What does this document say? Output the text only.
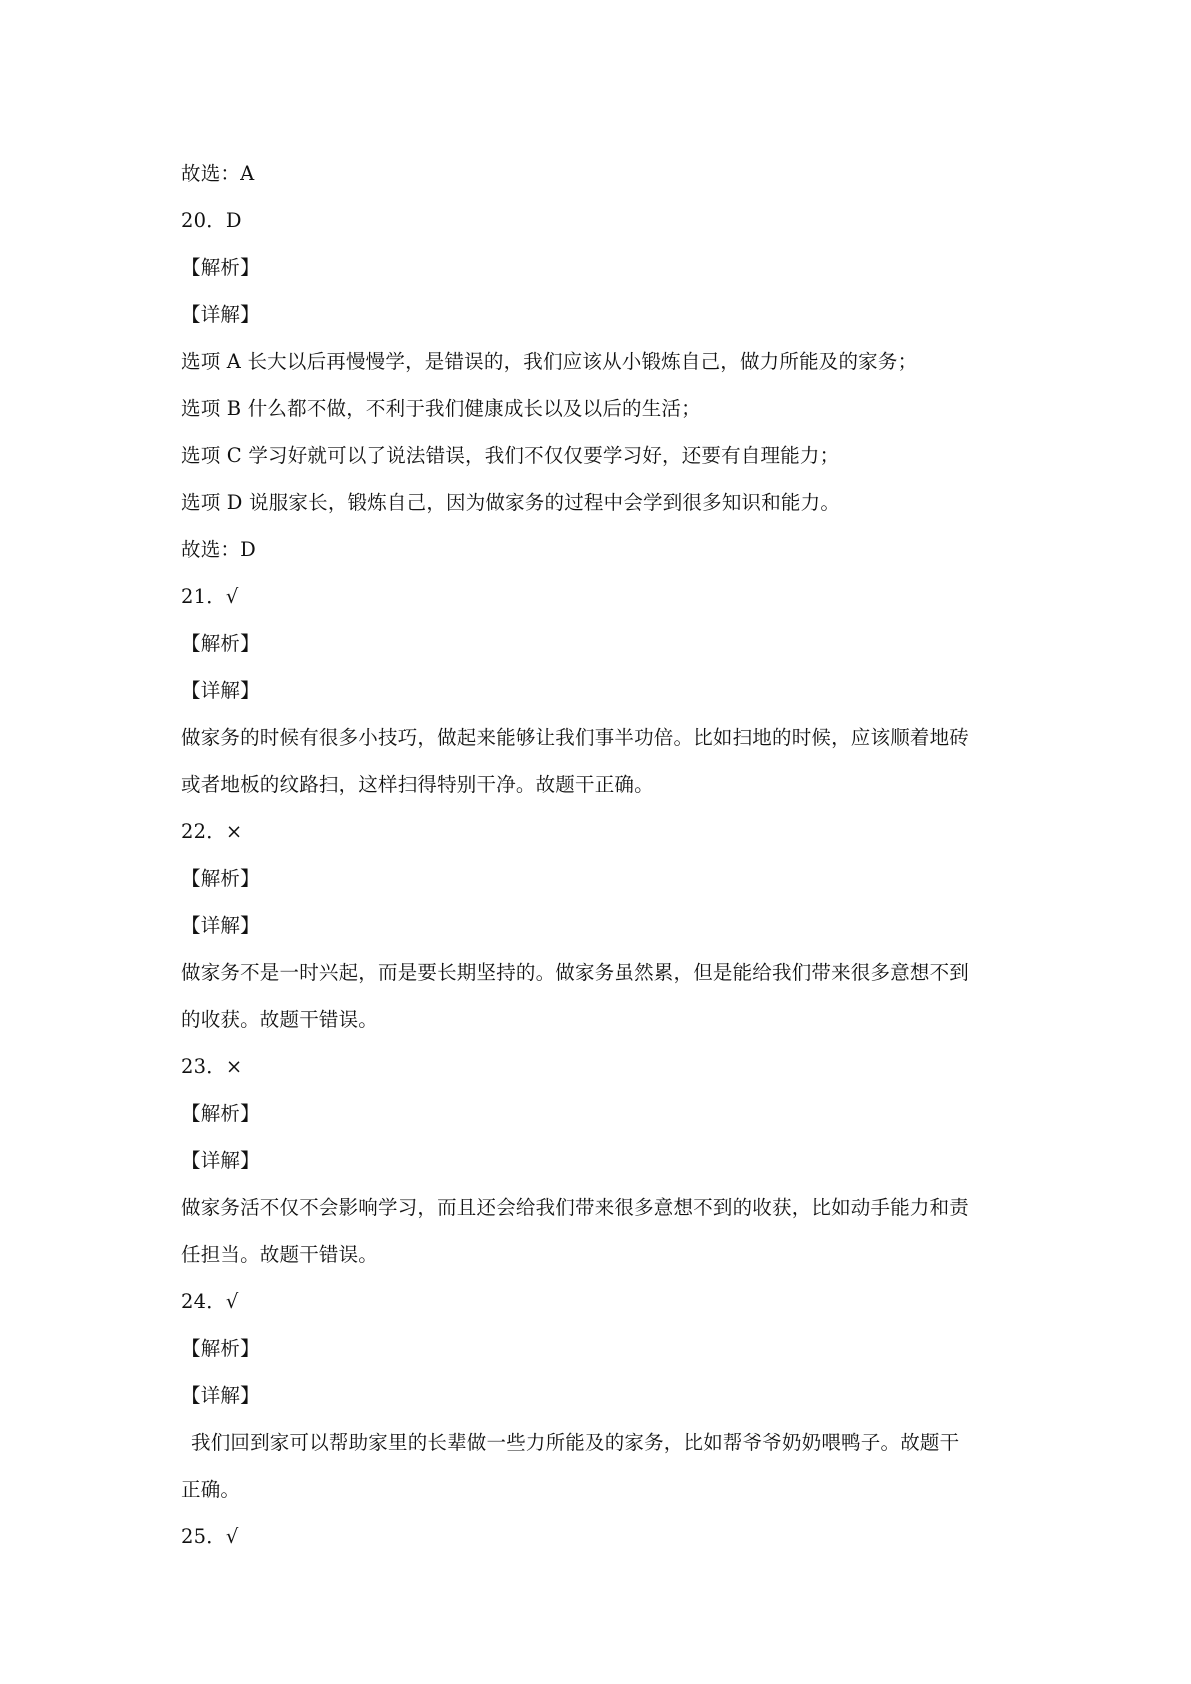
故选：A
20．D
【解析】
【详解】
选项 A 长大以后再慢慢学，是错误的，我们应该从小锻炼自己，做力所能及的家务；
选项 B 什么都不做，不利于我们健康成长以及以后的生活；
选项 C 学习好就可以了说法错误，我们不仅仅要学习好，还要有自理能力；
选项 D 说服家长，锻炼自己，因为做家务的过程中会学到很多知识和能力。
故选：D
21．√
【解析】
【详解】
做家务的时候有很多小技巧，做起来能够让我们事半功倍。比如扫地的时候，应该顺着地砖
或者地板的纹路扫，这样扫得特别干净。故题干正确。
22．×
【解析】
【详解】
做家务不是一时兴起，而是要长期坚持的。做家务虽然累，但是能给我们带来很多意想不到
的收获。故题干错误。
23．×
【解析】
【详解】
做家务活不仅不会影响学习，而且还会给我们带来很多意想不到的收获，比如动手能力和责
任担当。故题干错误。
24．√
【解析】
【详解】
我们回到家可以帮助家里的长辈做一些力所能及的家务，比如帮爷爷奶奶喂鸭子。故题干
正确。
25．√
